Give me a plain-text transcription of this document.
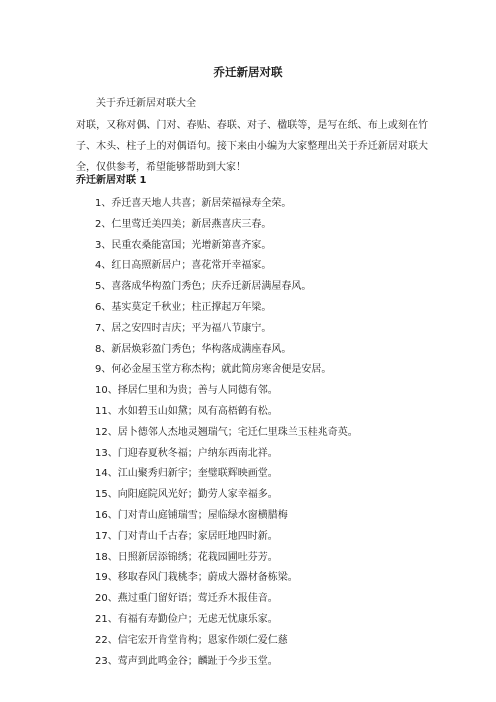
乔迁新居对联
关于乔迁新居对联大全
对联，又称对偶、门对、春贴、春联、对子、楹联等，是写在纸、布上或刻在竹子、木头、柱子上的对偶语句。接下来由小编为大家整理出关于乔迁新居对联大全，仅供参考，希望能够帮助到大家！
乔迁新居对联 1
1、乔迁喜天地人共喜；新居荣福禄寿全荣。
2、仁里莺迁美四美；新居燕喜庆三春。
3、民重农桑能富国；光增新第喜齐家。
4、红日高照新居户；喜花常开幸福家。
5、喜落成华构盈门秀色；庆乔迁新居满屋春风。
6、基实莫定千秋业；柱正撑起万年梁。
7、居之安四时吉庆；平为福八节康宁。
8、新居焕彩盈门秀色；华构落成满座春风。
9、何必金屋玉堂方称杰构；就此简房寒舍便是安居。
10、择居仁里和为贵；善与人同德有邻。
11、水如碧玉山如黛；凤有高梧鹤有松。
12、居卜德邻人杰地灵翘瑞气；宅迁仁里珠兰玉桂兆奇英。
13、门迎春夏秋冬福；户纳东西南北祥。
14、江山聚秀归新宇；奎璧联辉映画堂。
15、向阳庭院风光好；勤劳人家幸福多。
16、门对青山庭铺瑞雪；屋临绿水窗横腊梅
17、门对青山千古春；家居旺地四时新。
18、日照新居添锦绣；花栽园圃吐芬芳。
19、移取春风门栽桃李；蔚成大器材备栋梁。
20、燕过重门留好语；莺迁乔木报佳音。
21、有福有寿勤俭户；无虑无忧康乐家。
22、信宅宏开肯堂肯构；恩家作颂仁爱仁慈
23、莺声到此鸣金谷；麟趾于今步玉堂。
